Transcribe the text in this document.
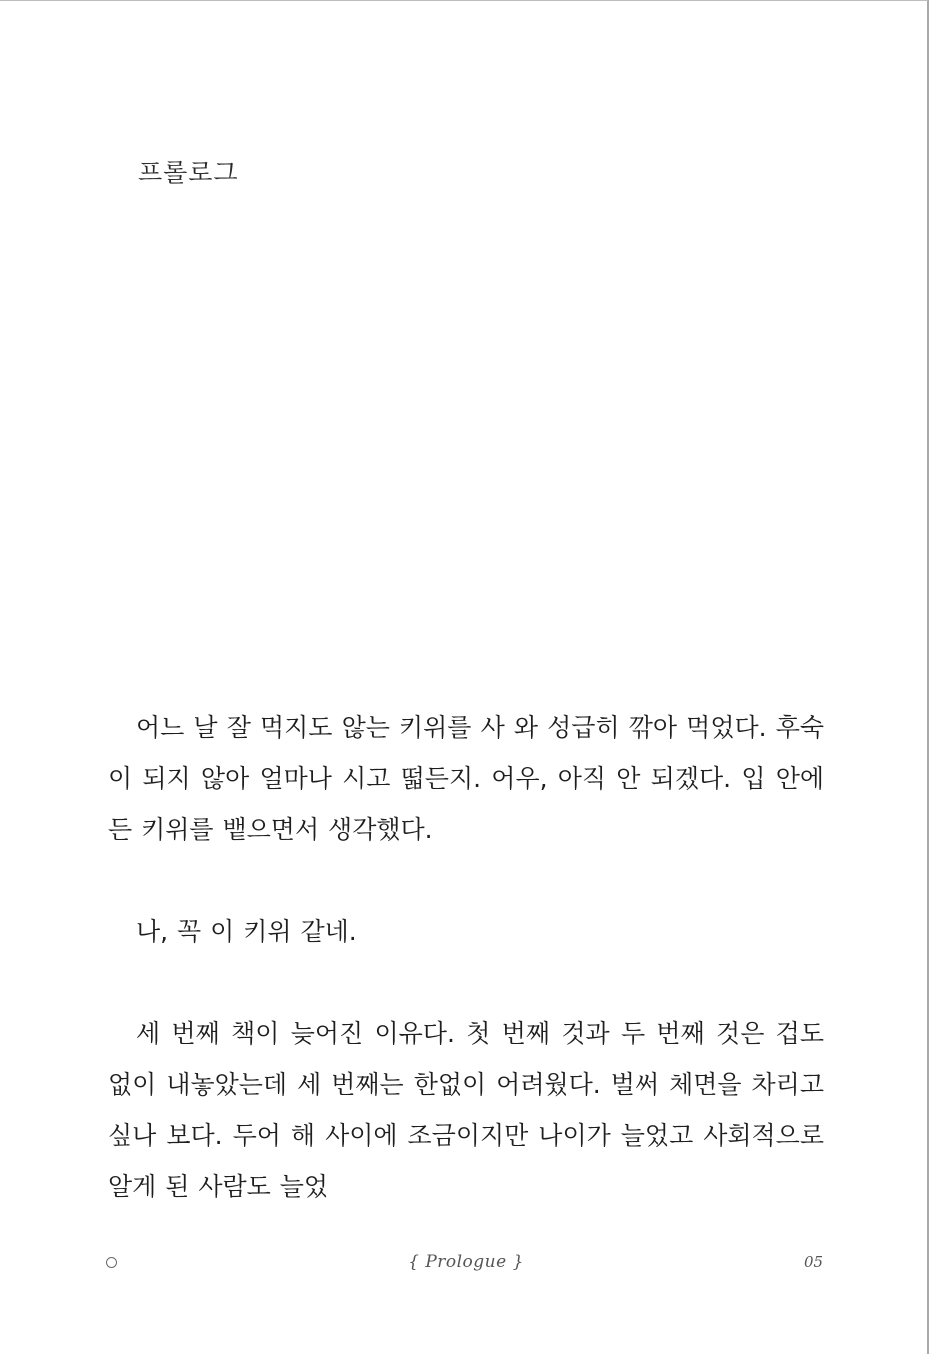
프롤로그

어느 날 잘 먹지도 않는 키위를 사 와 성급히 깎아 먹었다. 후숙이 되지 않아 얼마나 시고 떫든지. 어우, 아직 안 되겠다. 입 안에 든 키위를 뱉으면서 생각했다.

나, 꼭 이 키위 같네.

세 번째 책이 늦어진 이유다. 첫 번째 것과 두 번째 것은 겁도 없이 내놓았는데 세 번째는 한없이 어려웠다. 벌써 체면을 차리고 싶나 보다. 두어 해 사이에 조금이지만 나이가 늘었고 사회적으로 알게 된 사람도 늘었

{ Prologue }	05
